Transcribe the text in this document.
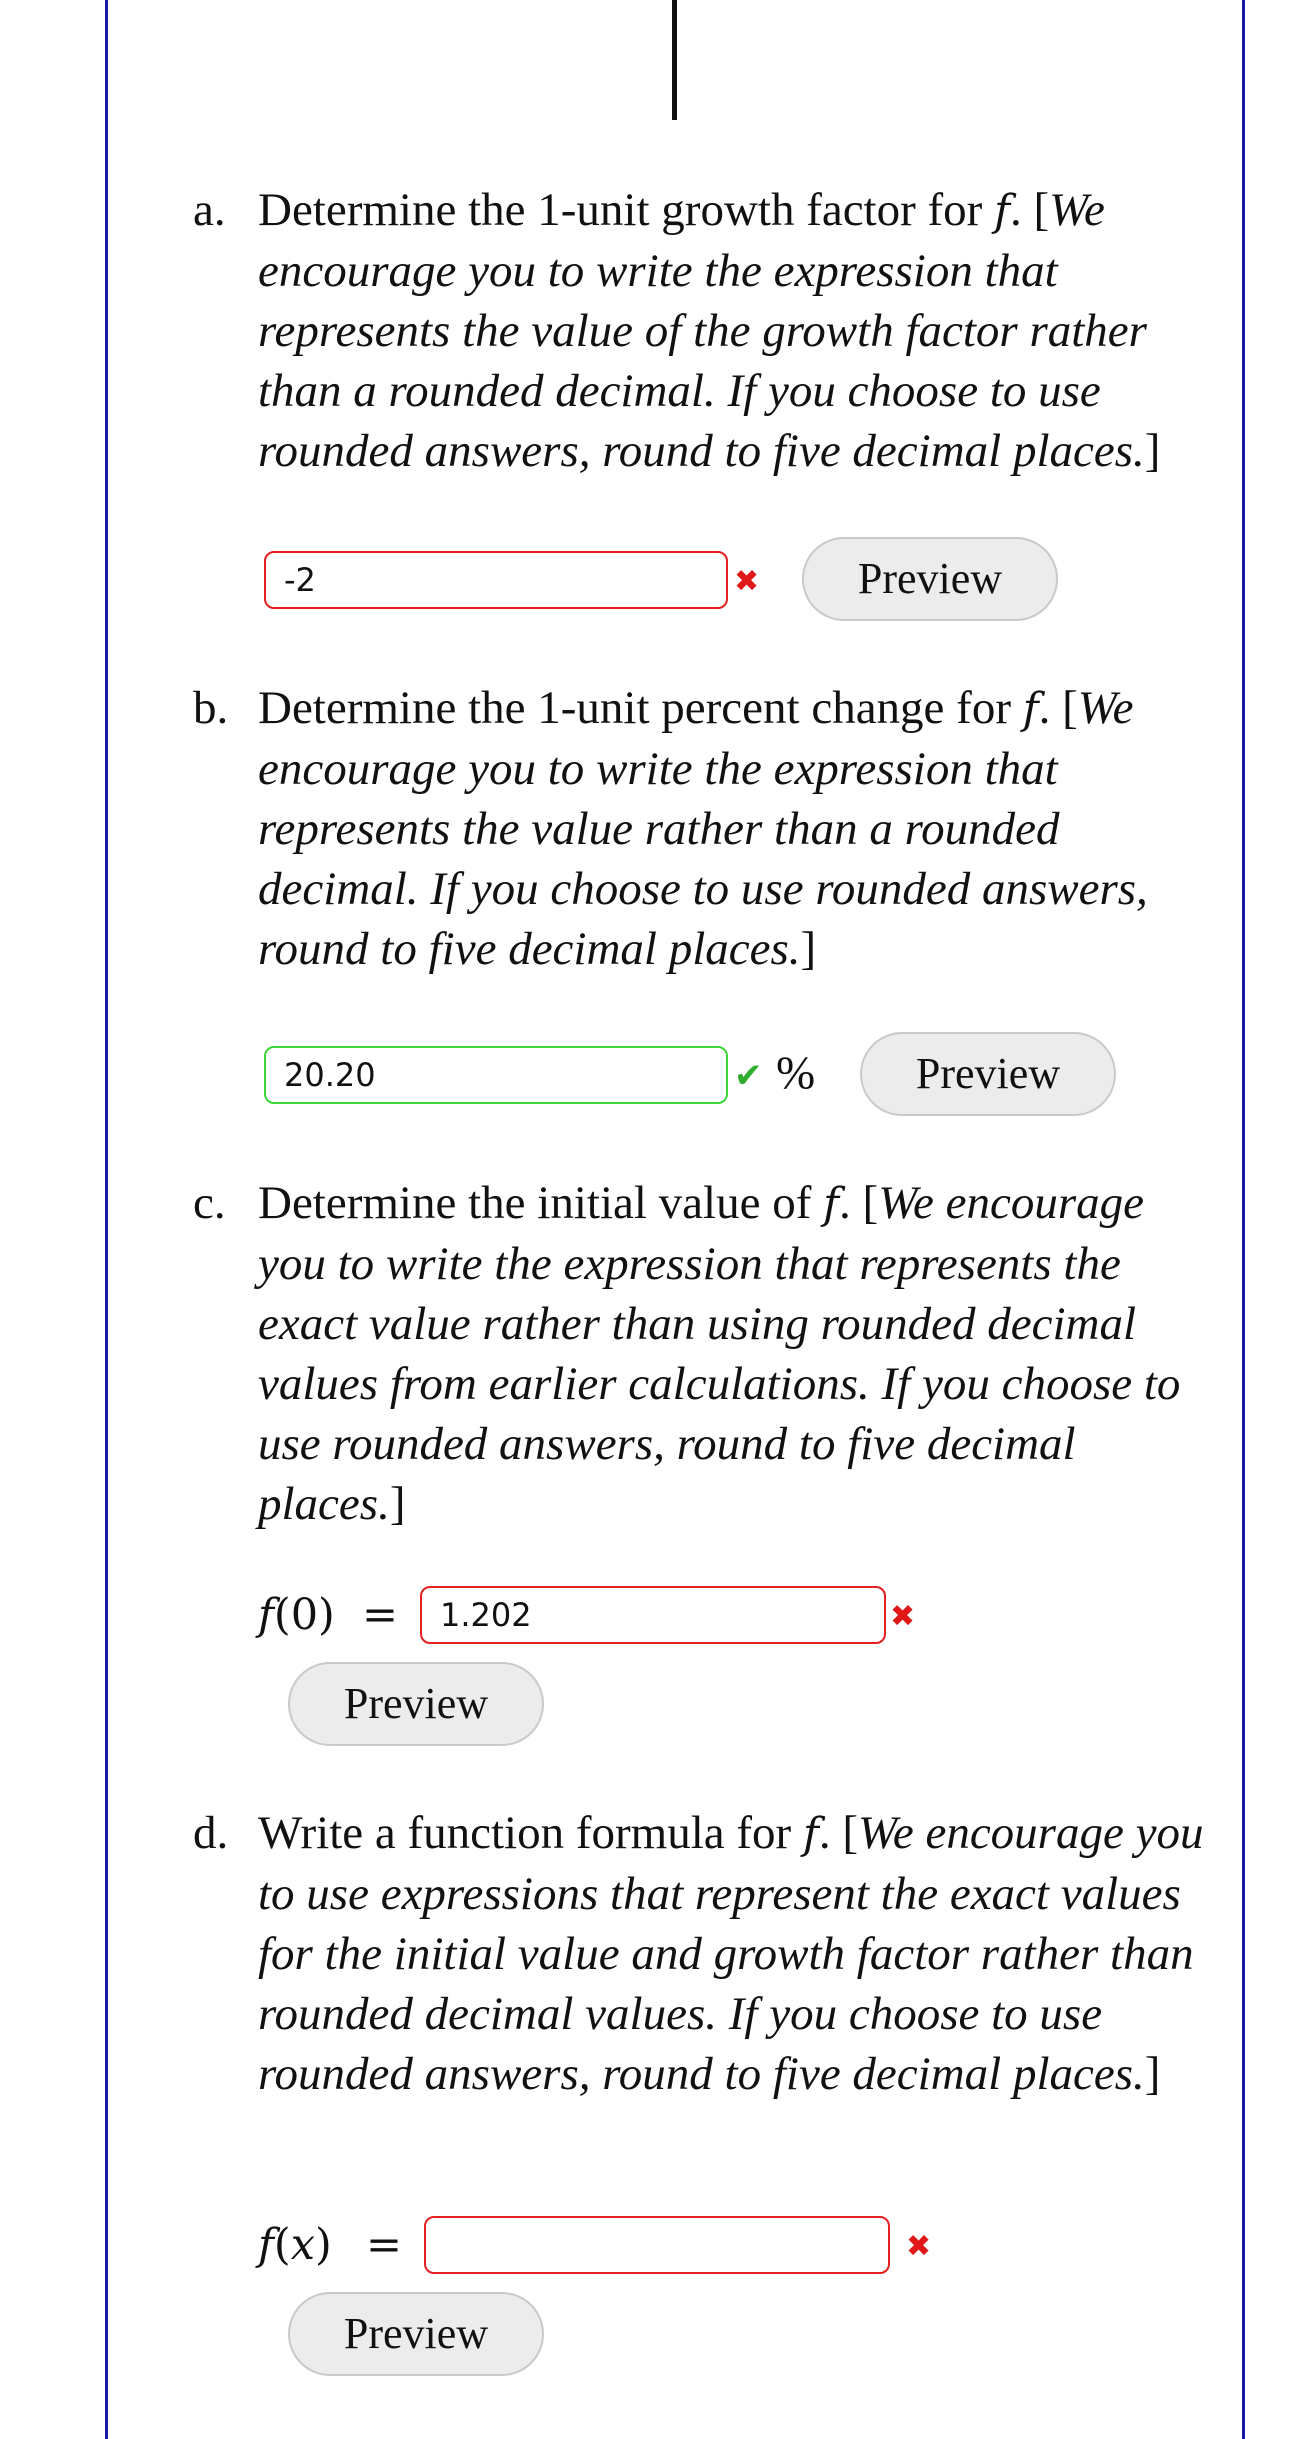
a. Determine the 1-unit growth factor for f. [We encourage you to write the expression that represents the value of the growth factor rather than a rounded decimal. If you choose to use rounded answers, round to five decimal places.]
-2
✖	Preview
b. Determine the 1-unit percent change for f. [We encourage you to write the expression that represents the value rather than a rounded decimal. If you choose to use rounded answers, round to five decimal places.]
20.20
✔ %	Preview
c. Determine the initial value of f. [We encourage you to write the expression that represents the exact value rather than using rounded decimal values from earlier calculations. If you choose to use rounded answers, round to five decimal places.]
f(0) =
1.202	✖
Preview
d. Write a function formula for f. [We encourage you to use expressions that represent the exact values for the initial value and growth factor rather than rounded decimal values. If you choose to use rounded answers, round to five decimal places.]
f(x) =	✖
Preview
